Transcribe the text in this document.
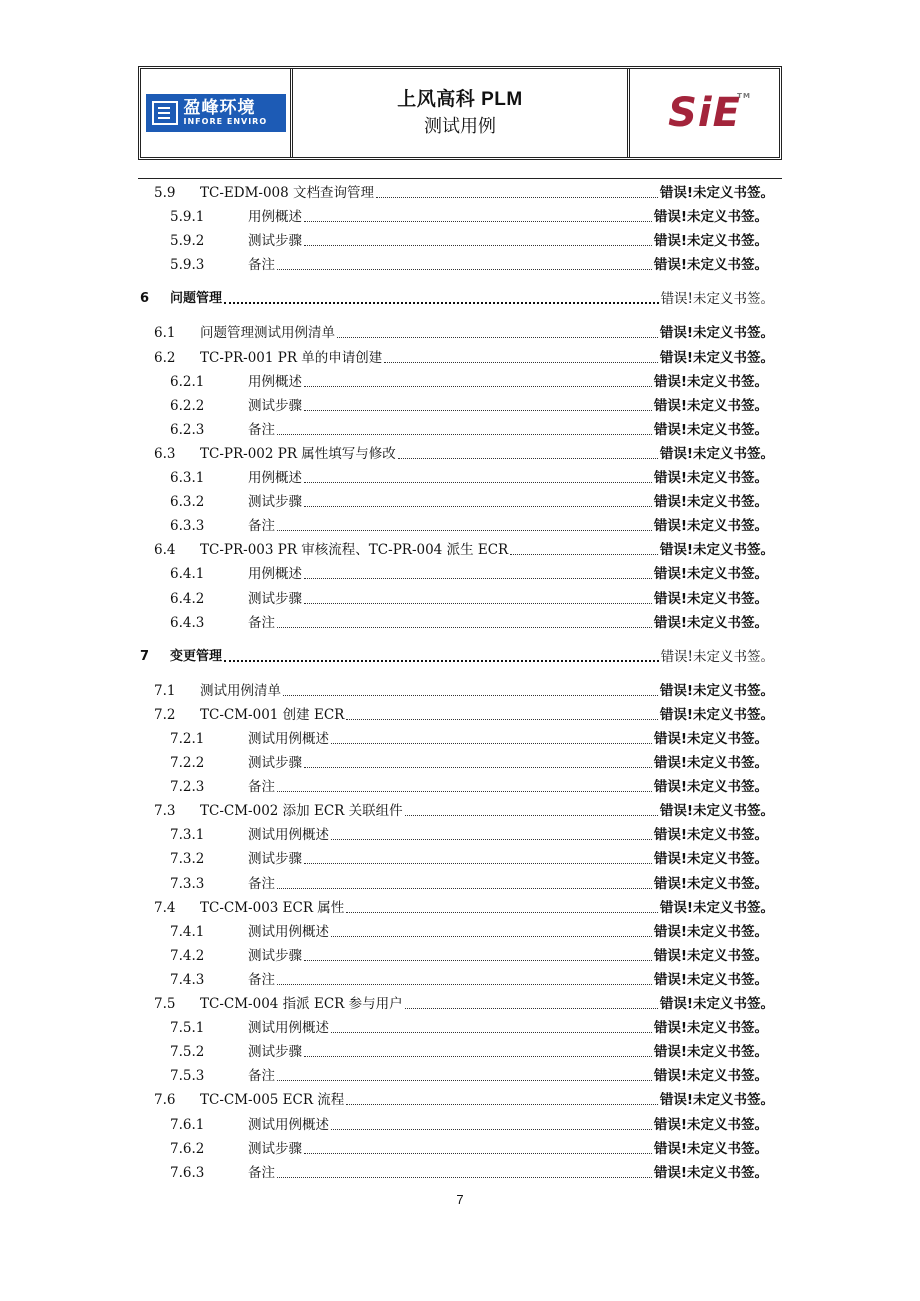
盈峰环境
INFORE ENVIRO
上风高科 PLM
测试用例	SiE
TM
5.9	TC-EDM-008 文档查询管理	错误!未定义书签。
5.9.1	用例概述	错误!未定义书签。
5.9.2	测试步骤	错误!未定义书签。
5.9.3	备注	错误!未定义书签。
6	问题管理	错误!未定义书签。
6.1	问题管理测试用例清单	错误!未定义书签。
6.2	TC-PR-001 PR 单的申请创建	错误!未定义书签。
6.2.1	用例概述	错误!未定义书签。
6.2.2	测试步骤	错误!未定义书签。
6.2.3	备注	错误!未定义书签。
6.3	TC-PR-002 PR 属性填写与修改	错误!未定义书签。
6.3.1	用例概述	错误!未定义书签。
6.3.2	测试步骤	错误!未定义书签。
6.3.3	备注	错误!未定义书签。
6.4	TC-PR-003 PR 审核流程、TC-PR-004 派生 ECR	错误!未定义书签。
6.4.1	用例概述	错误!未定义书签。
6.4.2	测试步骤	错误!未定义书签。
6.4.3	备注	错误!未定义书签。
7	变更管理	错误!未定义书签。
7.1	测试用例清单	错误!未定义书签。
7.2	TC-CM-001 创建 ECR	错误!未定义书签。
7.2.1	测试用例概述	错误!未定义书签。
7.2.2	测试步骤	错误!未定义书签。
7.2.3	备注	错误!未定义书签。
7.3	TC-CM-002 添加 ECR 关联组件	错误!未定义书签。
7.3.1	测试用例概述	错误!未定义书签。
7.3.2	测试步骤	错误!未定义书签。
7.3.3	备注	错误!未定义书签。
7.4	TC-CM-003 ECR 属性	错误!未定义书签。
7.4.1	测试用例概述	错误!未定义书签。
7.4.2	测试步骤	错误!未定义书签。
7.4.3	备注	错误!未定义书签。
7.5	TC-CM-004 指派 ECR 参与用户	错误!未定义书签。
7.5.1	测试用例概述	错误!未定义书签。
7.5.2	测试步骤	错误!未定义书签。
7.5.3	备注	错误!未定义书签。
7.6	TC-CM-005 ECR 流程	错误!未定义书签。
7.6.1	测试用例概述	错误!未定义书签。
7.6.2	测试步骤	错误!未定义书签。
7.6.3	备注	错误!未定义书签。
7
